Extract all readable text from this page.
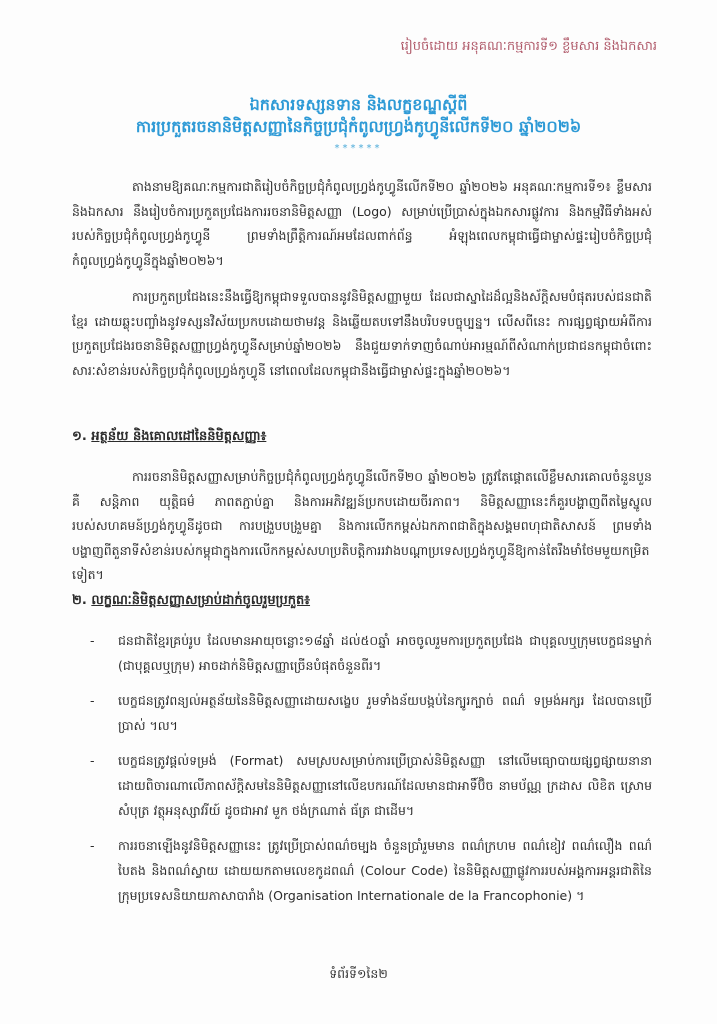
រៀបចំដោយ អនុគណៈកម្មការទី១ ខ្លឹមសារ និងឯកសារ
ឯកសារទស្សនទាន និងលក្ខខណ្ឌស្ដីពី
ការប្រកួតរចនានិមិត្តសញ្ញានៃកិច្ចប្រជុំកំពូលហ្វ្រង់កូហ្វូនីលើកទី២០ ឆ្នាំ២០២៦
******
តាងនាមឱ្យគណៈកម្មការជាតិរៀបចំកិច្ចប្រជុំកំពូលហ្វ្រង់កូហ្វូនីលើកទី២០ ឆ្នាំ២០២៦ អនុគណៈកម្មការទី១៖ ខ្លឹមសារ និងឯកសារ នឹងរៀបចំការប្រកួតប្រជែងការរចនានិមិត្តសញ្ញា (Logo) សម្រាប់ប្រើប្រាស់ក្នុងឯកសារផ្លូវការ និងកម្មវិធីទាំងអស់របស់កិច្ចប្រជុំកំពូលហ្វ្រង់កូហ្វូនី ព្រមទាំងព្រឹត្តិការណ៍អមដែលពាក់ព័ន្ធ អំឡុងពេលកម្ពុជាធ្វើជាម្ចាស់ផ្ទះរៀបចំកិច្ចប្រជុំកំពូលហ្វ្រង់កូហ្វូនីក្នុងឆ្នាំ២០២៦។
ការប្រកួតប្រជែងនេះនឹងធ្វើឱ្យកម្ពុជាទទួលបាននូវនិមិត្តសញ្ញាមួយ ដែលជាស្នាដៃដ៏ល្អនិងស័ក្តិសមបំផុតរបស់ជនជាតិខ្មែរ ដោយឆ្លុះបញ្ចាំងនូវទស្សនវិស័យប្រកបដោយថាមវន្ត និងឆ្លើយតបទៅនឹងបរិបទបច្ចុប្បន្ន។ លើសពីនេះ ការផ្សព្វផ្សាយអំពីការប្រកួតប្រជែងរចនានិមិត្តសញ្ញាហ្វ្រង់កូហ្វូនីសម្រាប់ឆ្នាំ២០២៦ នឹងជួយទាក់ទាញចំណាប់អារម្មណ៍ពីសំណាក់ប្រជាជនកម្ពុជាចំពោះសារៈសំខាន់របស់កិច្ចប្រជុំកំពូលហ្វ្រង់កូហ្វូនី នៅពេលដែលកម្ពុជានឹងធ្វើជាម្ចាស់ផ្ទះក្នុងឆ្នាំ២០២៦។
១. អត្ថន័យ និងគោលដៅនៃនិមិត្តសញ្ញា៖
ការរចនានិមិត្តសញ្ញាសម្រាប់កិច្ចប្រជុំកំពូលហ្វ្រង់កូហ្វូនីលើកទី២០ ឆ្នាំ២០២៦ ត្រូវតែផ្ដោតលើខ្លឹមសារគោលចំនួនបួន គឺ សន្តិភាព យុត្តិធម៌ ភាពតភ្ជាប់គ្នា និងការអភិវឌ្ឍន៍ប្រកបដោយចីរភាព។ និមិត្តសញ្ញានេះក៏គួរបង្ហាញពីតម្លៃស្នូលរបស់សហគមន៍ហ្វ្រង់កូហ្វូនីដូចជា ការបង្រួបបង្រួមគ្នា និងការលើកកម្ពស់ឯកភាពជាតិក្នុងសង្គមពហុជាតិសាសន៍ ព្រមទាំងបង្ហាញពីតួនាទីសំខាន់របស់កម្ពុជាក្នុងការលើកកម្ពស់សហប្រតិបត្តិការរវាងបណ្ដាប្រទេសហ្វ្រង់កូហ្វូនីឱ្យកាន់តែរឹងមាំថែមមួយកម្រិតទៀត។
២. លក្ខណៈនិមិត្តសញ្ញាសម្រាប់ដាក់ចូលរួមប្រកួត៖
-	ជនជាតិខ្មែរគ្រប់រូប ដែលមានអាយុចន្លោះ១៨ឆ្នាំ ដល់៥០ឆ្នាំ អាចចូលរួមការប្រកួតប្រជែង ជាបុគ្គលឬក្រុមបេក្ខជនម្នាក់ (ជាបុគ្គលឬក្រុម) អាចដាក់និមិត្តសញ្ញាច្រើនបំផុតចំនួនពីរ។
-	បេក្ខជនត្រូវពន្យល់អត្ថន័យនៃនិមិត្តសញ្ញាដោយសង្ខេប រួមទាំងន័យបង្កប់នៃក្បូរក្បាច់ ពណ៌ ទម្រង់អក្សរ ដែលបានប្រើប្រាស់ ។ល។
-	បេក្ខជនត្រូវផ្ដល់ទម្រង់ (Format) សមស្របសម្រាប់ការប្រើប្រាស់និមិត្តសញ្ញា នៅលើមធ្យោបាយផ្សព្វផ្សាយនានា ដោយពិចារណាលើភាពស័ក្តិសមនៃនិមិត្តសញ្ញានៅលើឧបករណ៍ដែលមានជាអាទិ៍ប៊ិច នាមប័ណ្ណ ក្រដាស លិខិត ស្រោមសំបុត្រ វត្ថុអនុស្សាវរីយ៍ ដូចជាអាវ មួក ថង់ក្រណាត់ ធ័ត្រ ជាដើម។
-	ការរចនាឡើងនូវនិមិត្តសញ្ញានេះ ត្រូវប្រើប្រាស់ពណ៌ចម្បង ចំនួនប្រាំរួមមាន ពណ៌ក្រហម ពណ៌ខៀវ ពណ៌លឿង ពណ៌បៃតង និងពណ៌ស្វាយ ដោយយកតាមលេខកូដពណ៌ (Colour Code) នៃនិមិត្តសញ្ញាផ្លូវការរបស់អង្គការអន្តរជាតិនៃក្រុមប្រទេសនិយាយភាសាបារាំង (Organisation Internationale de la Francophonie) ។
ទំព័រទី១នៃ២
